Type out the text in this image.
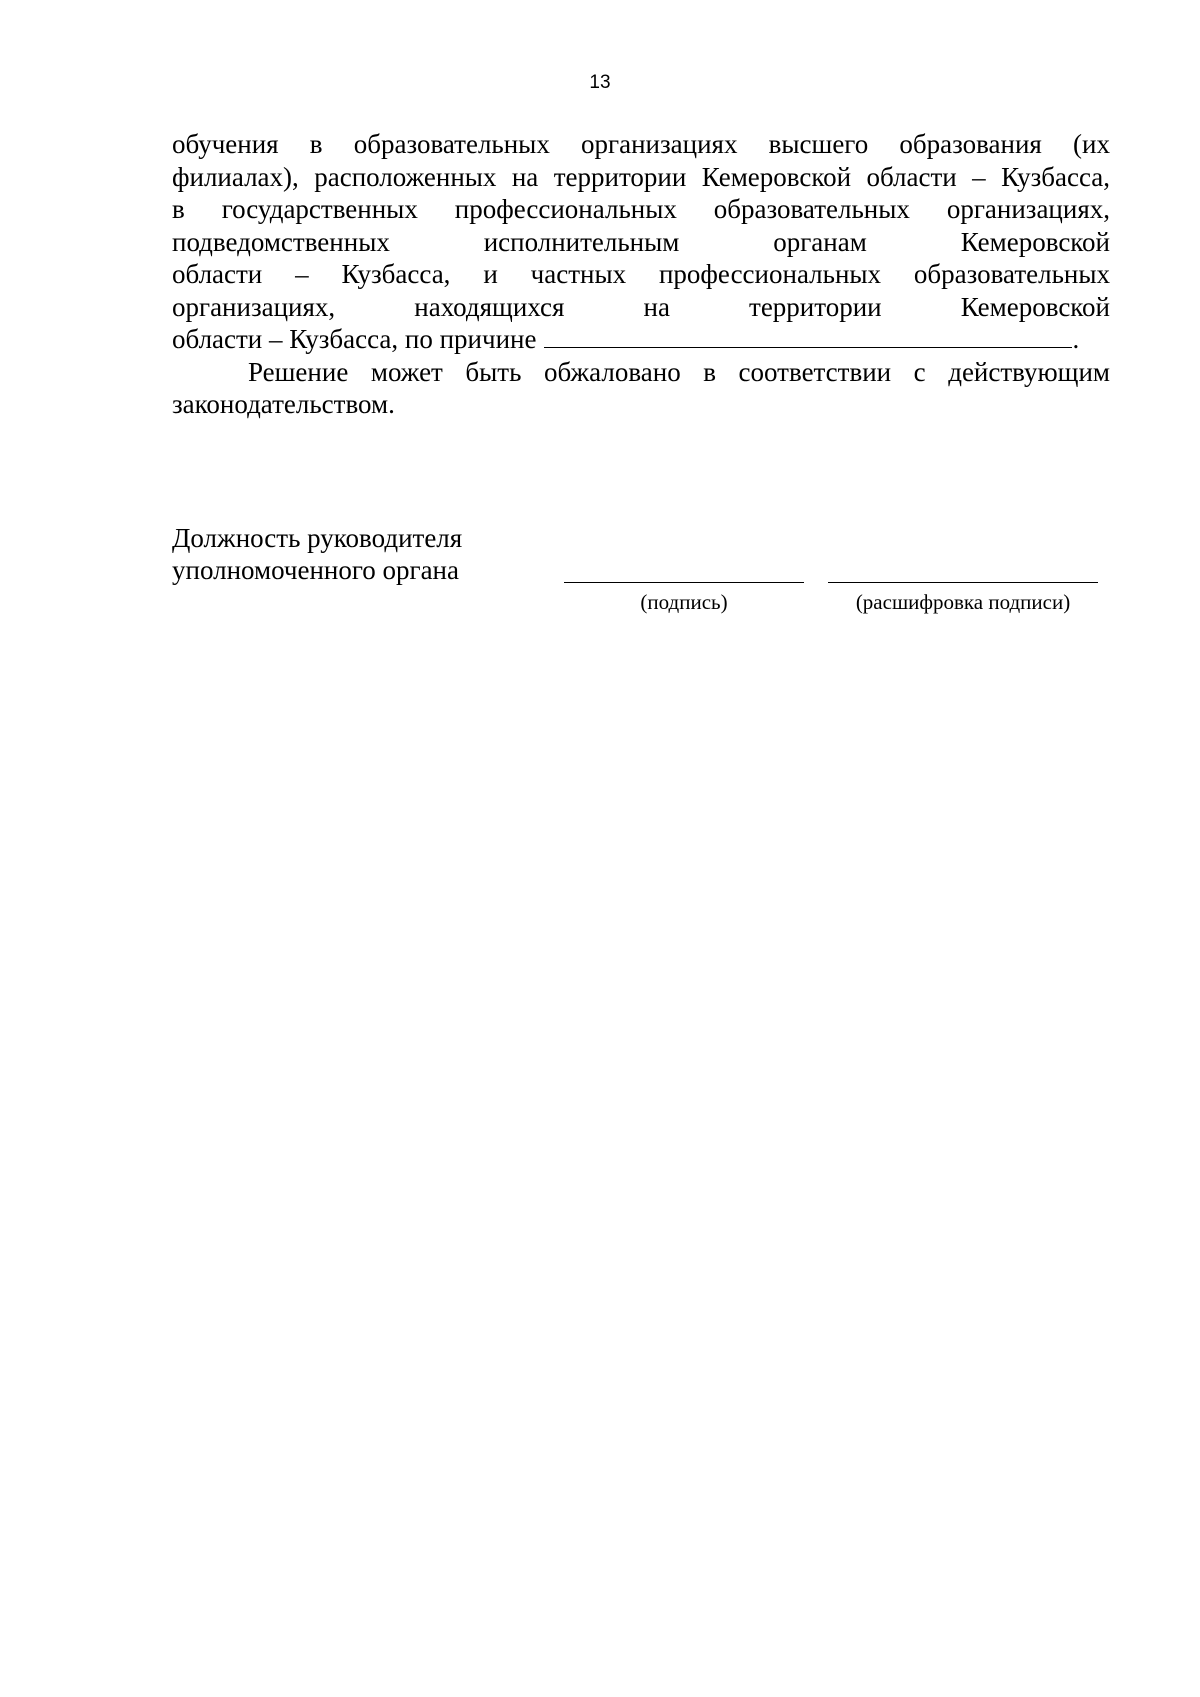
13
обучения в образовательных организациях высшего образования (их
филиалах), расположенных на территории Кемеровской области – Кузбасса,
в государственных профессиональных образовательных организациях,
подведомственных исполнительным органам Кемеровской
области – Кузбасса, и частных профессиональных образовательных
организациях, находящихся на территории Кемеровской
области – Кузбасса, по причине	.
Решение может быть обжаловано в соответствии с действующим
законодательством.
Должность руководителя
уполномоченного органа
(подпись)	(расшифровка подписи)
